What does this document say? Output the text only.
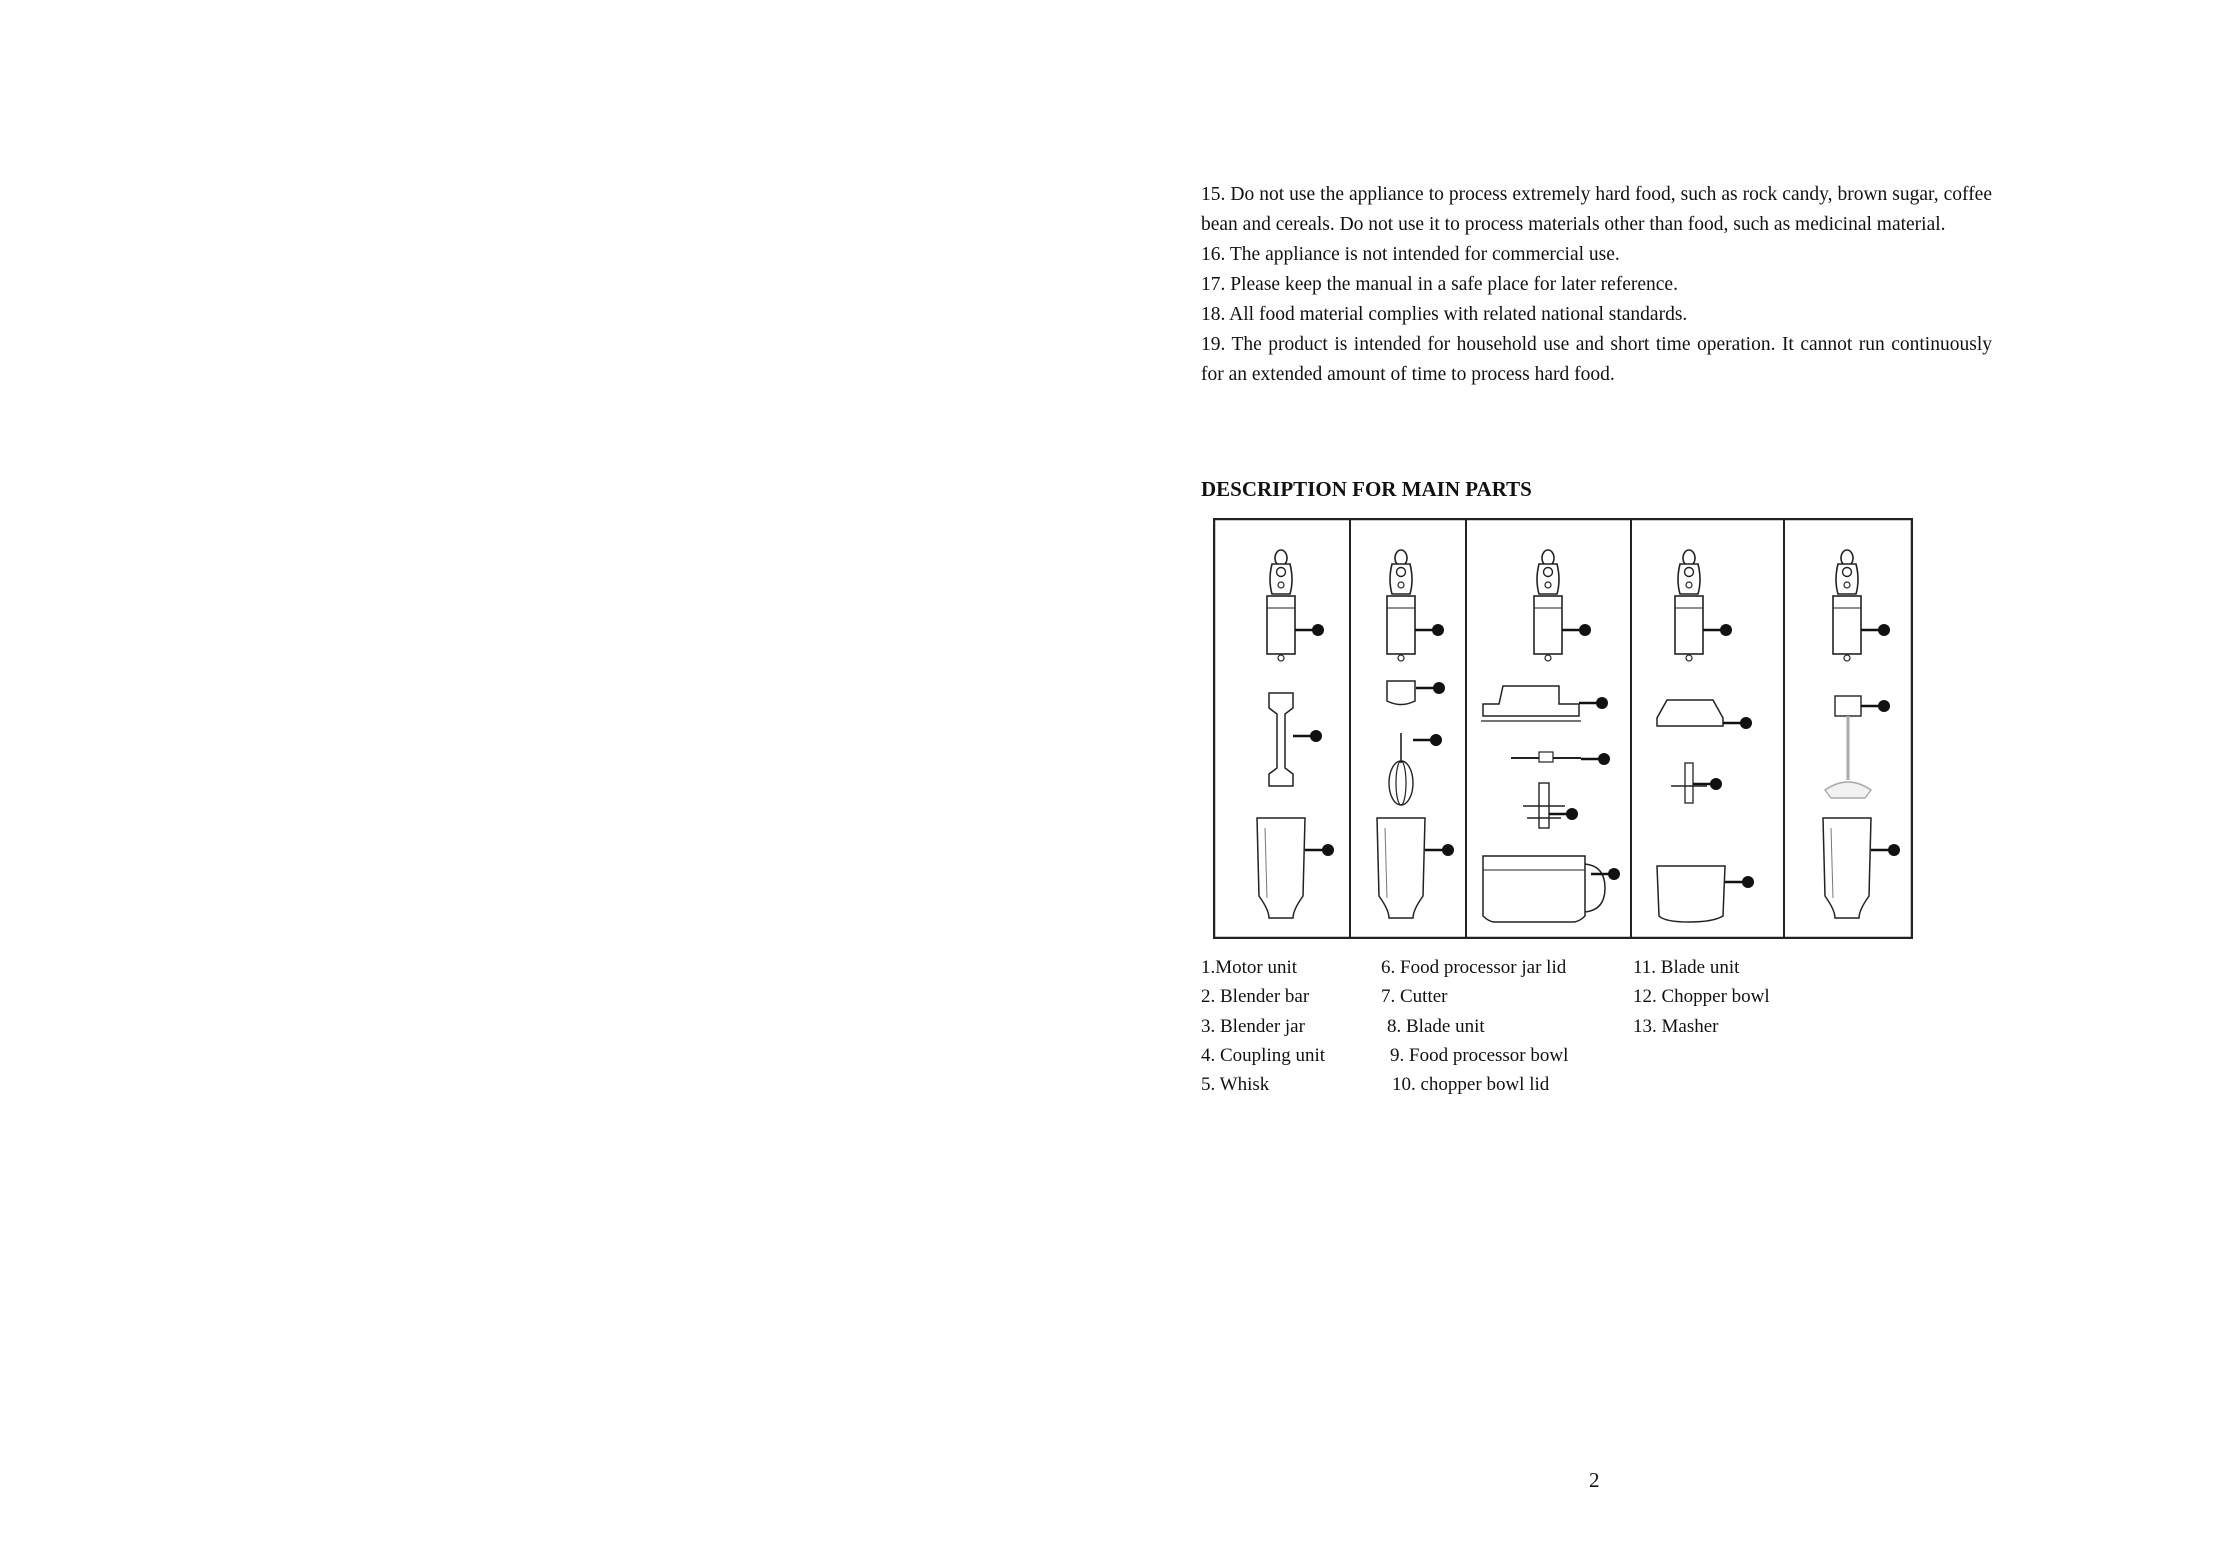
15. Do not use the appliance to process extremely hard food, such as rock candy, brown sugar, coffee bean and cereals. Do not use it to process materials other than food, such as medicinal material.

16. The appliance is not intended for commercial use.

17. Please keep the manual in a safe place for later reference.

18. All food material complies with related national standards.

19. The product is intended for household use and short time operation. It cannot run continuously for an extended amount of time to process hard food.

DESCRIPTION FOR MAIN PARTS
1.Motor unit
2. Blender bar
3. Blender jar
4. Coupling unit
5. Whisk
6. Food processor jar lid
7. Cutter
8. Blade unit
9. Food processor bowl
10. chopper bowl lid
11. Blade unit
12. Chopper bowl
13. Masher
2
